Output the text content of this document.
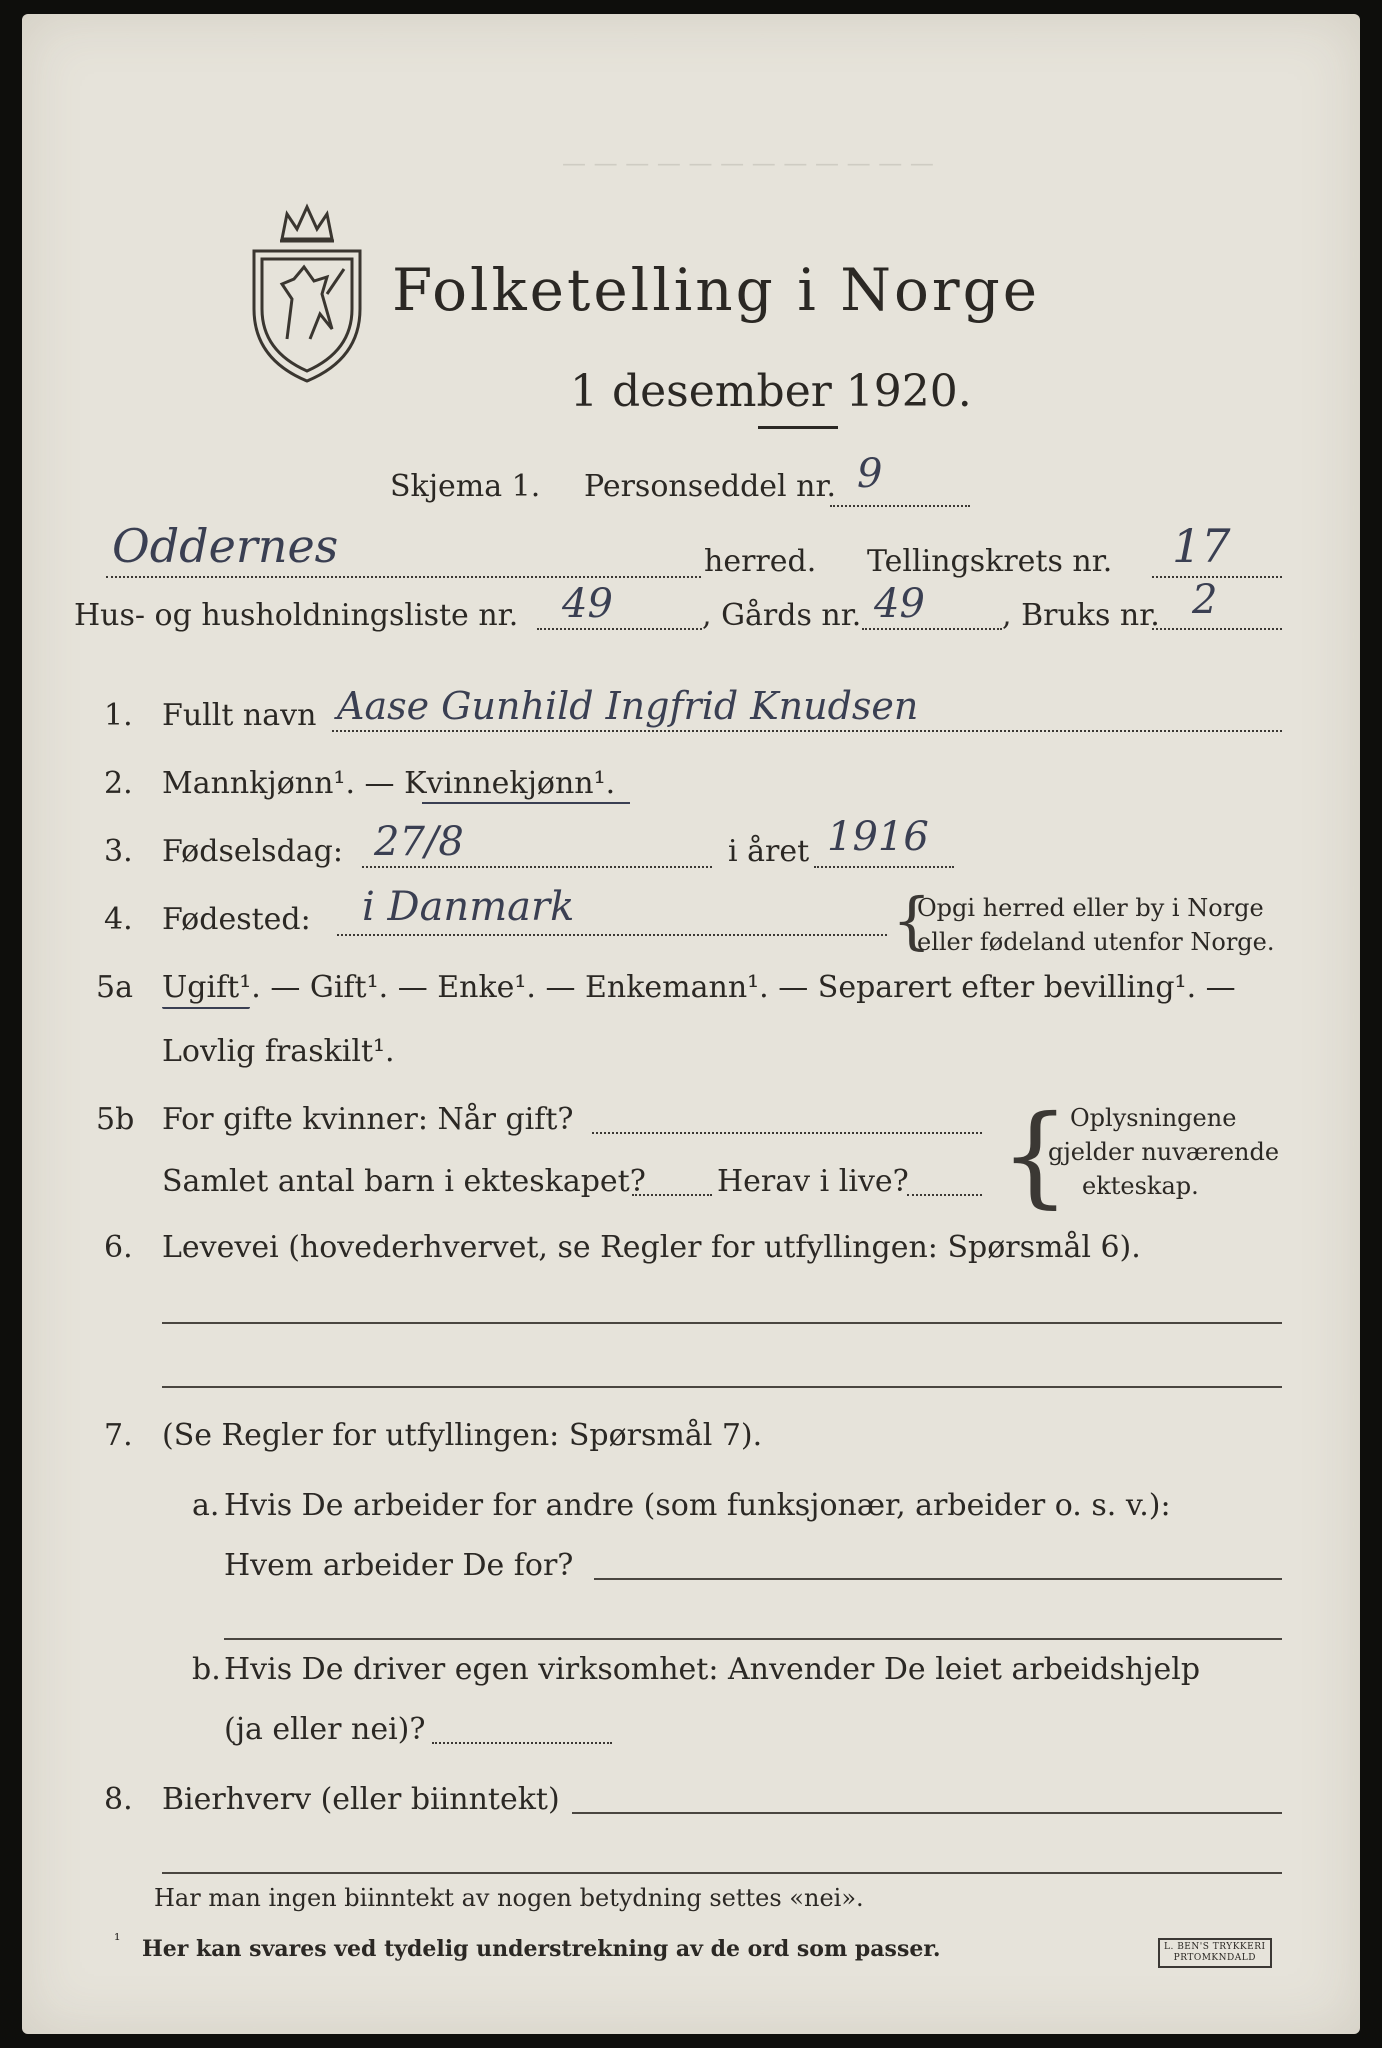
— — — — — — — — — — — —
Folketelling i Norge
1 desember 1920.
Skjema 1. Personseddel nr. 9
Oddernes	herred. Tellingskrets nr. 17
Hus- og husholdningsliste nr. 49	, Gårds nr. 49	, Bruks nr. 2
1. Fullt navn Aase Gunhild Ingfrid Knudsen
2. Mannkjønn¹. — Kvinnekjønn¹.
3. Fødselsdag: 27/8	i året 1916
4. Fødested: i Danmark	{
Opgi herred eller by i Norge
eller fødeland utenfor Norge.
5a Ugift¹. — Gift¹. — Enke¹. — Enkemann¹. — Separert efter bevilling¹. —
Lovlig fraskilt¹.
5b For gifte kvinner: Når gift?
Samlet antal barn i ekteskapet? Herav i live? { Oplysningene
gjelder nuværende
ekteskap.
6. Levevei (hovederhvervet, se Regler for utfyllingen: Spørsmål 6).
7. (Se Regler for utfyllingen: Spørsmål 7).
a. Hvis De arbeider for andre (som funksjonær, arbeider o. s. v.):
Hvem arbeider De for?
b. Hvis De driver egen virksomhet: Anvender De leiet arbeidshjelp
(ja eller nei)?
8. Bierhverv (eller biinntekt)
Har man ingen biinntekt av nogen betydning settes «nei».
¹ Her kan svares ved tydelig understrekning av de ord som passer.	L. BEN'S TRYKKERI
PRTOMKNDALD
